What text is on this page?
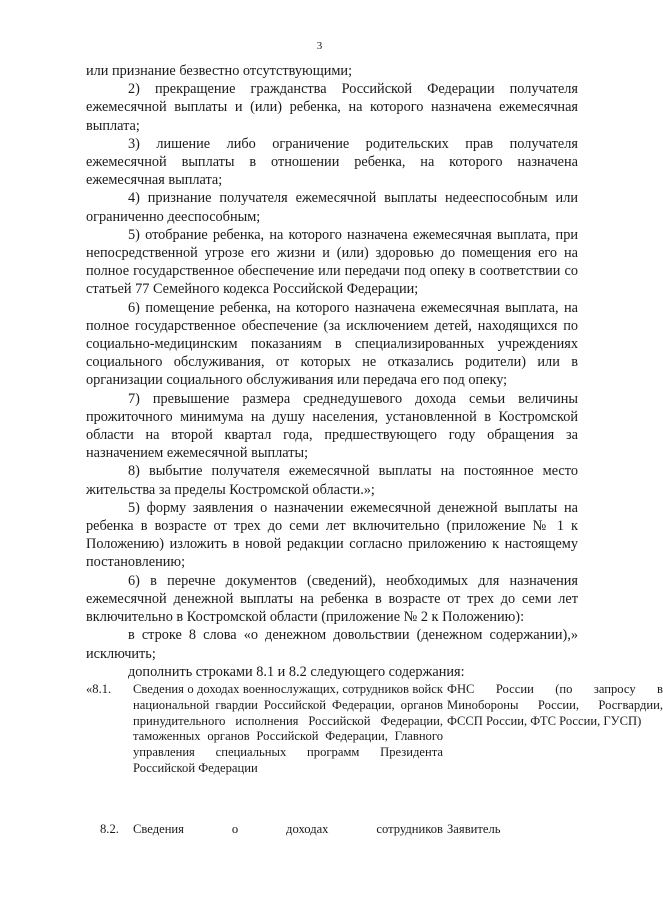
3

или признание безвестно отсутствующими;

2) прекращение гражданства Российской Федерации получателя ежемесячной выплаты и (или) ребенка, на которого назначена ежемесячная выплата;

3) лишение либо ограничение родительских прав получателя ежемесячной выплаты в отношении ребенка, на которого назначена ежемесячная выплата;

4) признание получателя ежемесячной выплаты недееспособным или ограниченно дееспособным;

5) отобрание ребенка, на которого назначена ежемесячная выплата, при непосредственной угрозе его жизни и (или) здоровью до помещения его на полное государственное обеспечение или передачи под опеку в соответствии со статьей 77 Семейного кодекса Российской Федерации;

6) помещение ребенка, на которого назначена ежемесячная выплата, на полное государственное обеспечение (за исключением детей, находящихся по социально-медицинским показаниям в специализированных учреждениях социального обслуживания, от которых не отказались родители) или в организации социального обслуживания или передача его под опеку;

7) превышение размера среднедушевого дохода семьи величины прожиточного минимума на душу населения, установленной в Костромской области на второй квартал года, предшествующего году обращения за назначением ежемесячной выплаты;

8) выбытие получателя ежемесячной выплаты на постоянное место жительства за пределы Костромской области.»;

5) форму заявления о назначении ежемесячной денежной выплаты на ребенка в возрасте от трех до семи лет включительно (приложение № 1 к Положению) изложить в новой редакции согласно приложению к настоящему постановлению;

6) в перечне документов (сведений), необходимых для назначения ежемесячной денежной выплаты на ребенка в возрасте от трех до семи лет включительно в Костромской области (приложение № 2 к Положению):

в строке 8 слова «о денежном довольствии (денежном содержании),» исключить;

дополнить строками 8.1 и 8.2 следующего содержания:

«8.1. Сведения о доходах военнослужащих, сотрудников войск национальной гвардии Российской Федерации, органов принудительного исполнения Российской Федерации, таможенных органов Российской Федерации, Главного управления специальных программ Президента Российской Федерации
ФНС России (по запросу в Минобороны России, Росгвардии, ФССП России, ФТС России, ГУСП)
8.2. Сведения о доходах сотрудников Заявитель
